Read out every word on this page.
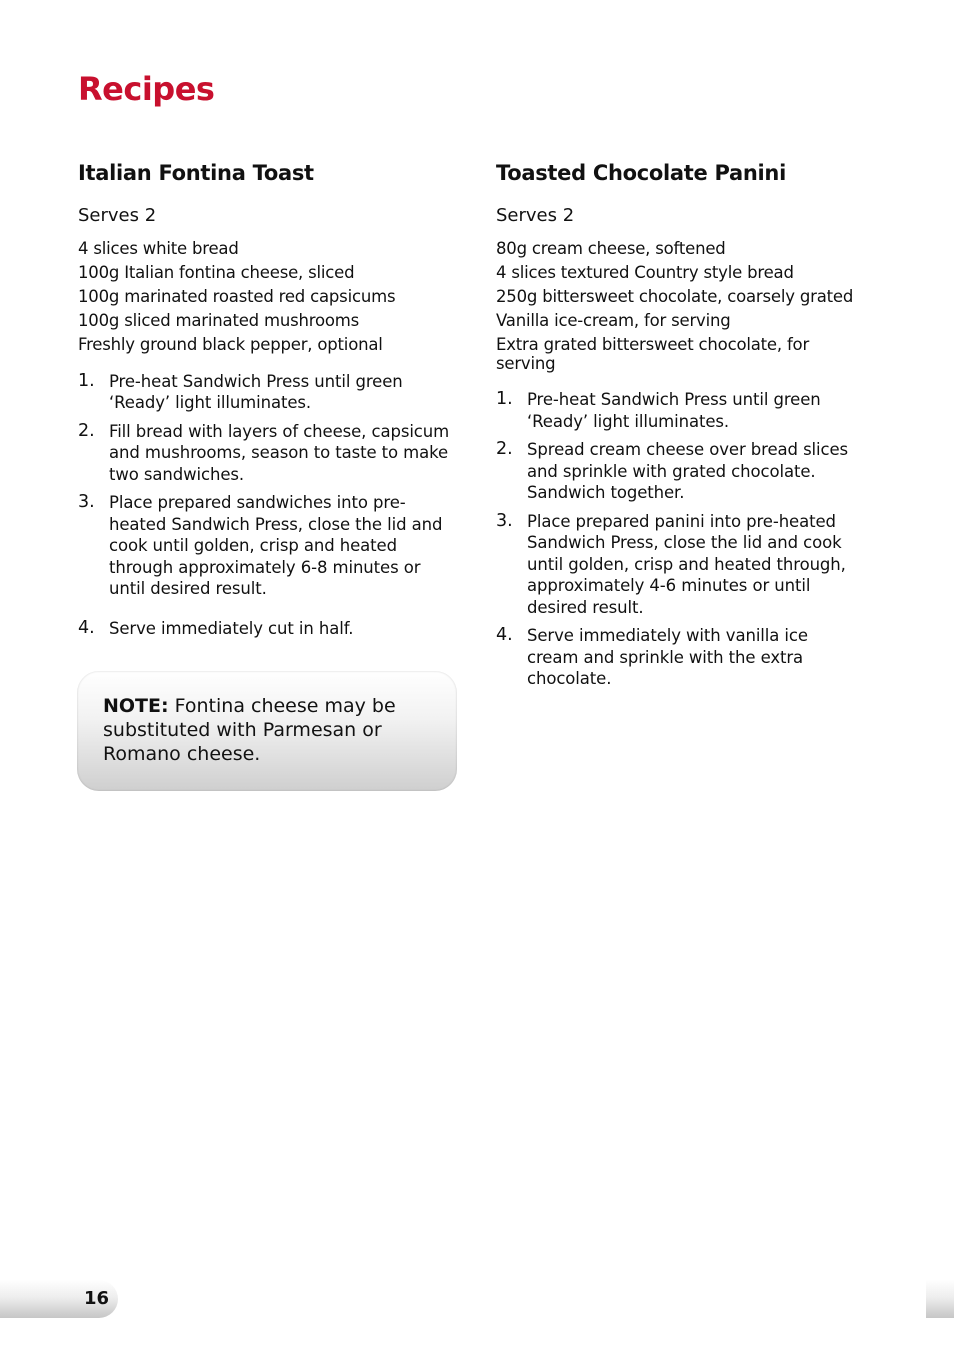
Recipes
Italian Fontina Toast

Serves 2

4 slices white bread
100g Italian fontina cheese, sliced
100g marinated roasted red capsicums
100g sliced marinated mushrooms
Freshly ground black pepper, optional
1. Pre-heat Sandwich Press until green ‘Ready’ light illuminates.
2. Fill bread with layers of cheese, capsicum and mushrooms, season to taste to make two sandwiches.
3. Place prepared sandwiches into pre-heated Sandwich Press, close the lid and cook until golden, crisp and heated through approximately 6-8 minutes or until desired result.
4. Serve immediately cut in half.

NOTE: Fontina cheese may be substituted with Parmesan or Romano cheese.

Toasted Chocolate Panini

Serves 2

80g cream cheese, softened
4 slices textured Country style bread
250g bittersweet chocolate, coarsely grated
Vanilla ice-cream, for serving
Extra grated bittersweet chocolate, for serving
1. Pre-heat Sandwich Press until green ‘Ready’ light illuminates.
2. Spread cream cheese over bread slices and sprinkle with grated chocolate. Sandwich together.
3. Place prepared panini into pre-heated Sandwich Press, close the lid and cook until golden, crisp and heated through, approximately 4-6 minutes or until desired result.
4. Serve immediately with vanilla ice cream and sprinkle with the extra chocolate.
16
